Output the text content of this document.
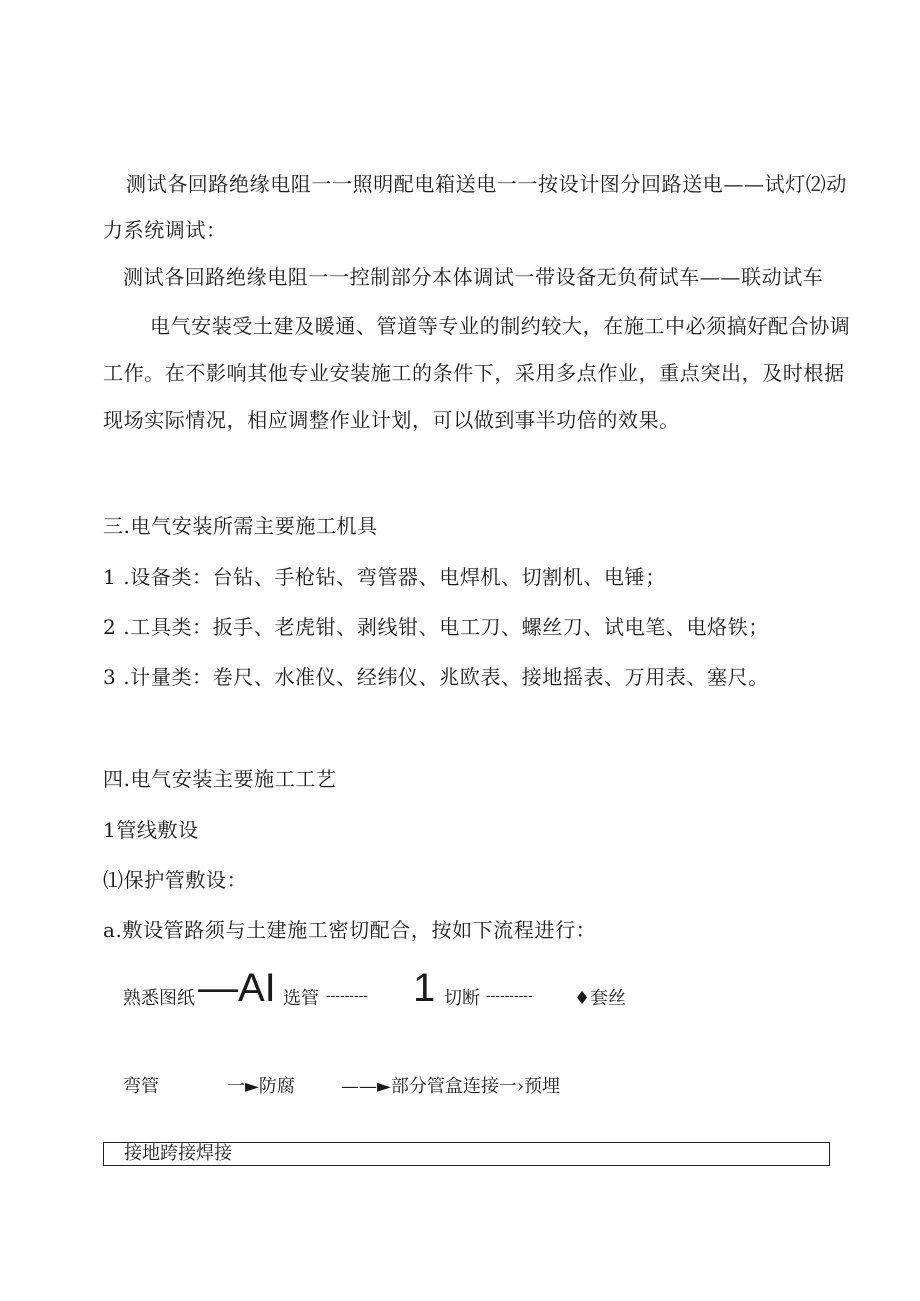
测试各回路绝缘电阻一一照明配电箱送电一一按设计图分回路送电——试灯⑵动
力系统调试：
测试各回路绝缘电阻一一控制部分本体调试一带设备无负荷试车——联动试车
电气安装受土建及暖通、管道等专业的制约较大，在施工中必须搞好配合协调
工作。在不影响其他专业安装施工的条件下，采用多点作业，重点突出，及时根据
现场实际情况，相应调整作业计划，可以做到事半功倍的效果。
三.电气安装所需主要施工机具
1 .设备类：台钻、手枪钻、弯管器、电焊机、切割机、电锤；
2 .工具类：扳手、老虎钳、剥线钳、电工刀、螺丝刀、试电笔、电烙铁；
3 .计量类：卷尺、水准仪、经纬仪、兆欧表、接地摇表、万用表、塞尺。
四.电气安装主要施工工艺
1管线敷设
⑴保护管敷设：
a.敷设管路须与土建施工密切配合，按如下流程进行：
熟悉图纸 —AI 选管 --------- 1 切断 ---------- ♦套丝
弯管	一►防腐	——►部分管盒连接一›预埋
接地跨接焊接
